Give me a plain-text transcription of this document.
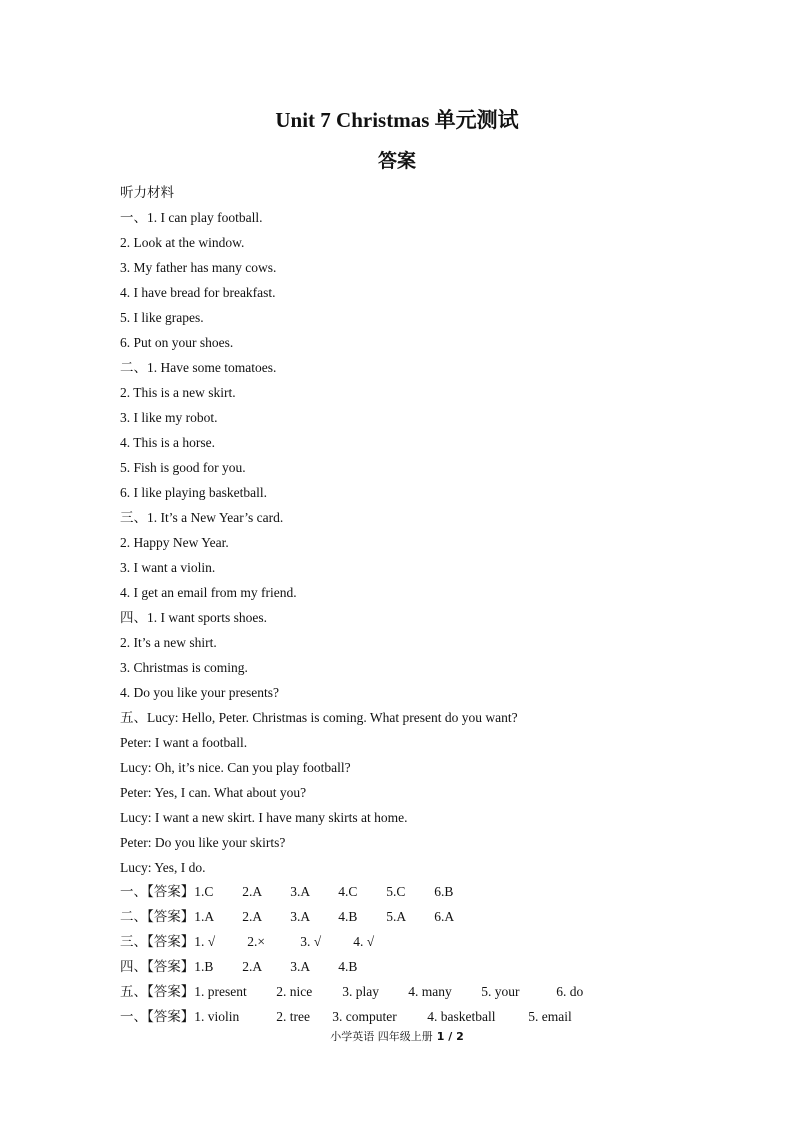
Unit 7 Christmas 单元测试
答案
听力材料
一、1. I can play football.
2. Look at the window.
3. My father has many cows.
4. I have bread for breakfast.
5. I like grapes.
6. Put on your shoes.
二、1. Have some tomatoes.
2. This is a new skirt.
3. I like my robot.
4. This is a horse.
5. Fish is good for you.
6. I like playing basketball.
三、1. It’s a New Year’s card.
2. Happy New Year.
3. I want a violin.
4. I get an email from my friend.
四、1. I want sports shoes.
2. It’s a new shirt.
3. Christmas is coming.
4. Do you like your presents?
五、Lucy: Hello, Peter. Christmas is coming. What present do you want?
Peter: I want a football.
Lucy: Oh, it’s nice. Can you play football?
Peter: Yes, I can. What about you?
Lucy: I want a new skirt. I have many skirts at home.
Peter: Do you like your skirts?
Lucy: Yes, I do.
一、【答案】 1.C	2.A	3.A	4.C	5.C	6.B
二、【答案】 1.A	2.A	3.A	4.B	5.A	6.A
三、【答案】 1. √	2.×	3. √	4. √
四、【答案】 1.B	2.A	3.A	4.B
五、【答案】 1. present	2. nice	3. play	4. many	5. your	6. do
一、【答案】 1. violin	2. tree	3. computer	4. basketball	5. email
小学英语 四年级上册 1 / 2
